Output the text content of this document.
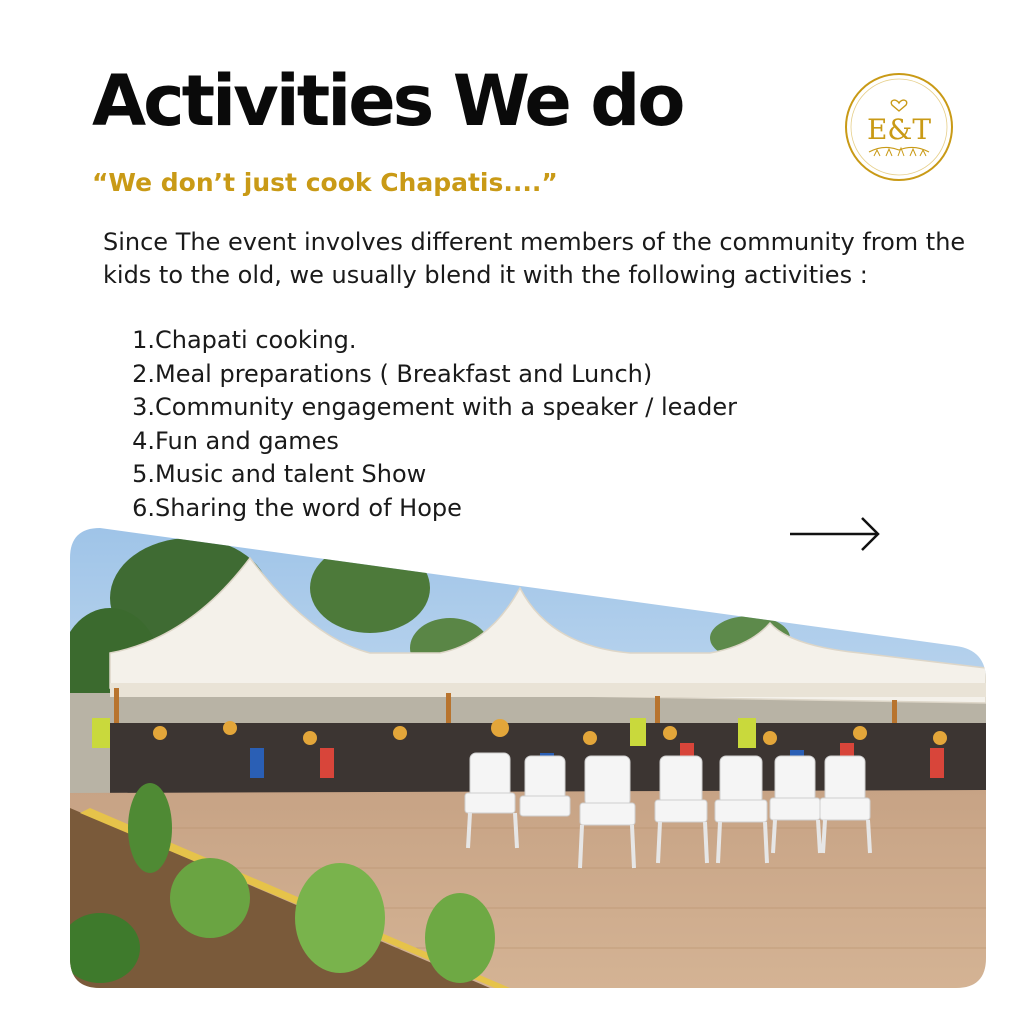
Activities We do
“We don’t just cook Chapatis....”
E&T
Since The event involves different members of the community from the kids to the old, we usually blend it with the following activities :
1. Chapati cooking.
2. Meal preparations ( Breakfast and Lunch)
3. Community engagement with a speaker / leader
4. Fun and games
5. Music and talent Show
6. Sharing the word of Hope
